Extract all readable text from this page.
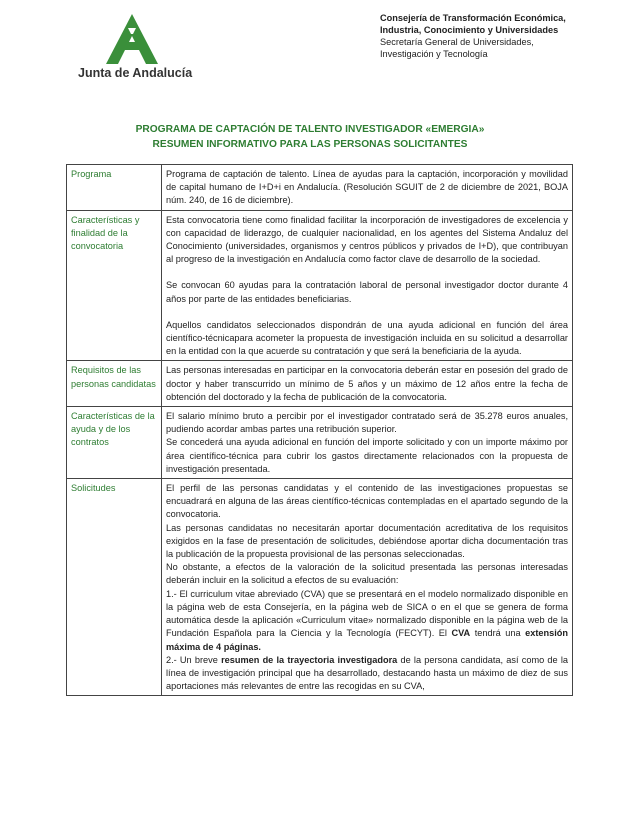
Junta de Andalucía
Consejería de Transformación Económica,
Industria, Conocimiento y Universidades
Secretaría General de Universidades,
Investigación y Tecnología
PROGRAMA DE CAPTACIÓN DE TALENTO INVESTIGADOR «EMERGIA»
RESUMEN INFORMATIVO PARA LAS PERSONAS SOLICITANTES
Programa	Programa de captación de talento. Línea de ayudas para la captación, incorporación y movilidad de capital humano de I+D+i en Andalucía. (Resolución SGUIT de 2 de diciembre de 2021, BOJA núm. 240, de 16 de diciembre).

Características y finalidad de la convocatoria	Esta convocatoria tiene como finalidad facilitar la incorporación de investigadores de excelencia y con capacidad de liderazgo, de cualquier nacionalidad, en los agentes del Sistema Andaluz del Conocimiento (universidades, organismos y centros públicos y privados de I+D), que contribuyan al progreso de la investigación en Andalucía como factor clave de desarrollo de la sociedad.

Se convocan 60 ayudas para la contratación laboral de personal investigador doctor durante 4 años por parte de las entidades beneficiarias.

Aquellos candidatos seleccionados dispondrán de una ayuda adicional en función del área científico-técnicapara acometer la propuesta de investigación incluida en su solicitud a desarrollar en la entidad con la que acuerde su contratación y que será la beneficiaria de la ayuda.

Requisitos de las personas candidatas	Las personas interesadas en participar en la convocatoria deberán estar en posesión del grado de doctor y haber transcurrido un mínimo de 5 años y un máximo de 12 años entre la fecha de obtención del doctorado y la fecha de publicación de la convocatoria.

Características de la ayuda y de los contratos	El salario mínimo bruto a percibir por el investigador contratado será de 35.278 euros anuales, pudiendo acordar ambas partes una retribución superior.

Se concederá una ayuda adicional en función del importe solicitado y con un importe máximo por área científico-técnica para cubrir los gastos directamente relacionados con la propuesta de investigación presentada.

Solicitudes	El perfil de las personas candidatas y el contenido de las investigaciones propuestas se encuadrará en alguna de las áreas científico-técnicas contempladas en el apartado segundo de la convocatoria.

Las personas candidatas no necesitarán aportar documentación acreditativa de los requisitos exigidos en la fase de presentación de solicitudes, debiéndose aportar dicha documentación tras la publicación de la propuesta provisional de las personas seleccionadas.

No obstante, a efectos de la valoración de la solicitud presentada las personas interesadas deberán incluir en la solicitud a efectos de su evaluación:

1.- El curriculum vitae abreviado (CVA) que se presentará en el modelo normalizado disponible en la página web de esta Consejería, en la página web de SICA o en el que se genera de forma automática desde la aplicación «Curriculum vitae» normalizado disponible en la página web de la Fundación Española para la Ciencia y la Tecnología (FECYT). El CVA tendrá una extensión máxima de 4 páginas.

2.- Un breve resumen de la trayectoria investigadora de la persona candidata, así como de la línea de investigación principal que ha desarrollado, destacando hasta un máximo de diez de sus aportaciones más relevantes de entre las recogidas en su CVA,
